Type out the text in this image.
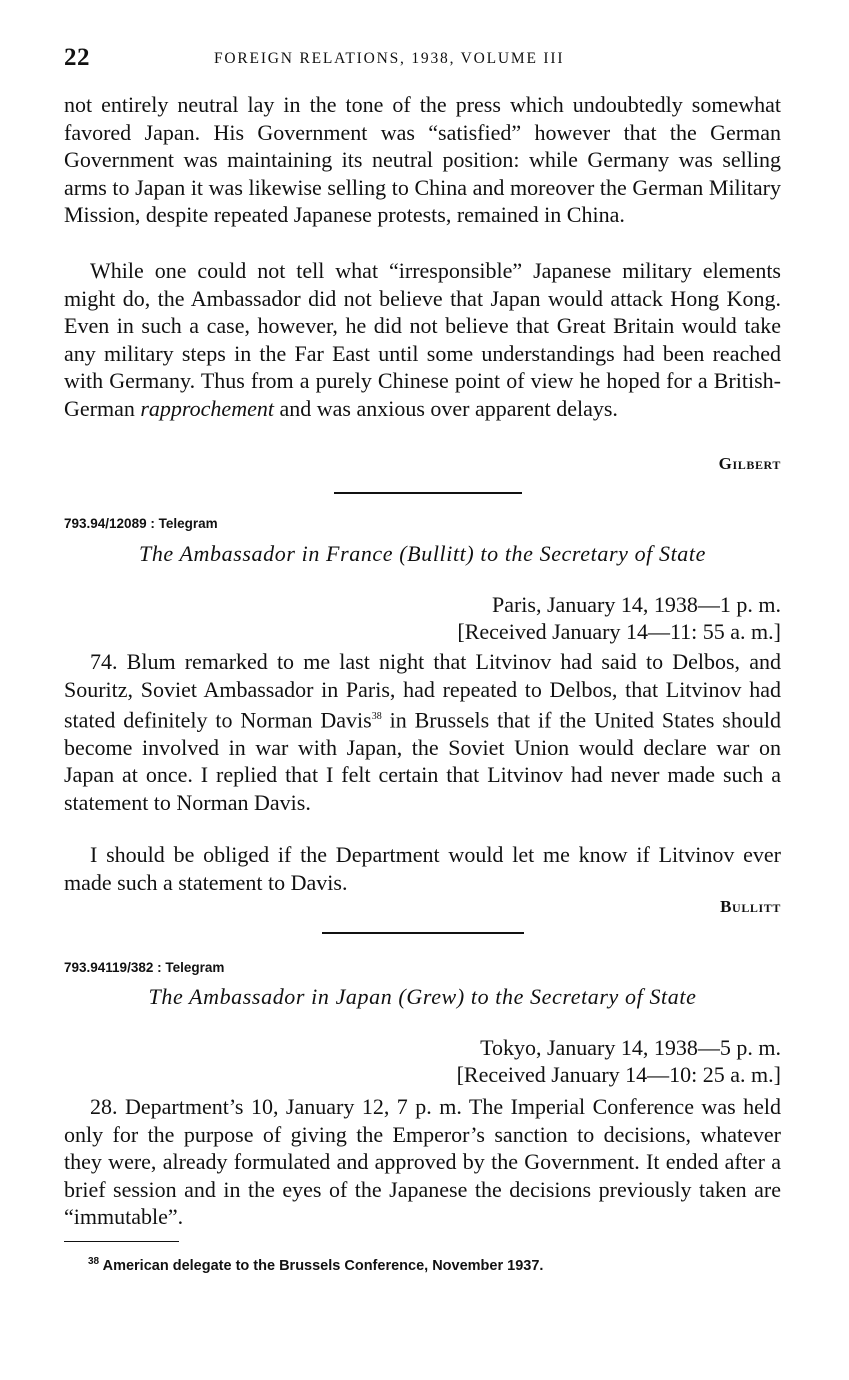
22	FOREIGN RELATIONS, 1938, VOLUME III

not entirely neutral lay in the tone of the press which undoubtedly somewhat favored Japan. His Government was “satisfied” however that the German Government was maintaining its neutral position: while Germany was selling arms to Japan it was likewise selling to China and moreover the German Military Mission, despite repeated Japanese protests, remained in China.

While one could not tell what “irresponsible” Japanese military elements might do, the Ambassador did not believe that Japan would attack Hong Kong. Even in such a case, however, he did not believe that Great Britain would take any military steps in the Far East until some understandings had been reached with Germany. Thus from a purely Chinese point of view he hoped for a British-German rapprochement and was anxious over apparent delays.

Gilbert
793.94/12089 : Telegram
The Ambassador in France (Bullitt) to the Secretary of State
Paris, January 14, 1938—1 p. m.
[Received January 14—11: 55 a. m.]

74. Blum remarked to me last night that Litvinov had said to Delbos, and Souritz, Soviet Ambassador in Paris, had repeated to Delbos, that Litvinov had stated definitely to Norman Davis$^{38}$ in Brussels that if the United States should become involved in war with Japan, the Soviet Union would declare war on Japan at once. I replied that I felt certain that Litvinov had never made such a statement to Norman Davis.

I should be obliged if the Department would let me know if Litvinov ever made such a statement to Davis.

Bullitt
793.94119/382 : Telegram
The Ambassador in Japan (Grew) to the Secretary of State
Tokyo, January 14, 1938—5 p. m.
[Received January 14—10: 25 a. m.]

28. Department’s 10, January 12, 7 p. m. The Imperial Conference was held only for the purpose of giving the Emperor’s sanction to decisions, whatever they were, already formulated and approved by the Government. It ended after a brief session and in the eyes of the Japanese the decisions previously taken are “immutable”.

$^{38}$ American delegate to the Brussels Conference, November 1937.
